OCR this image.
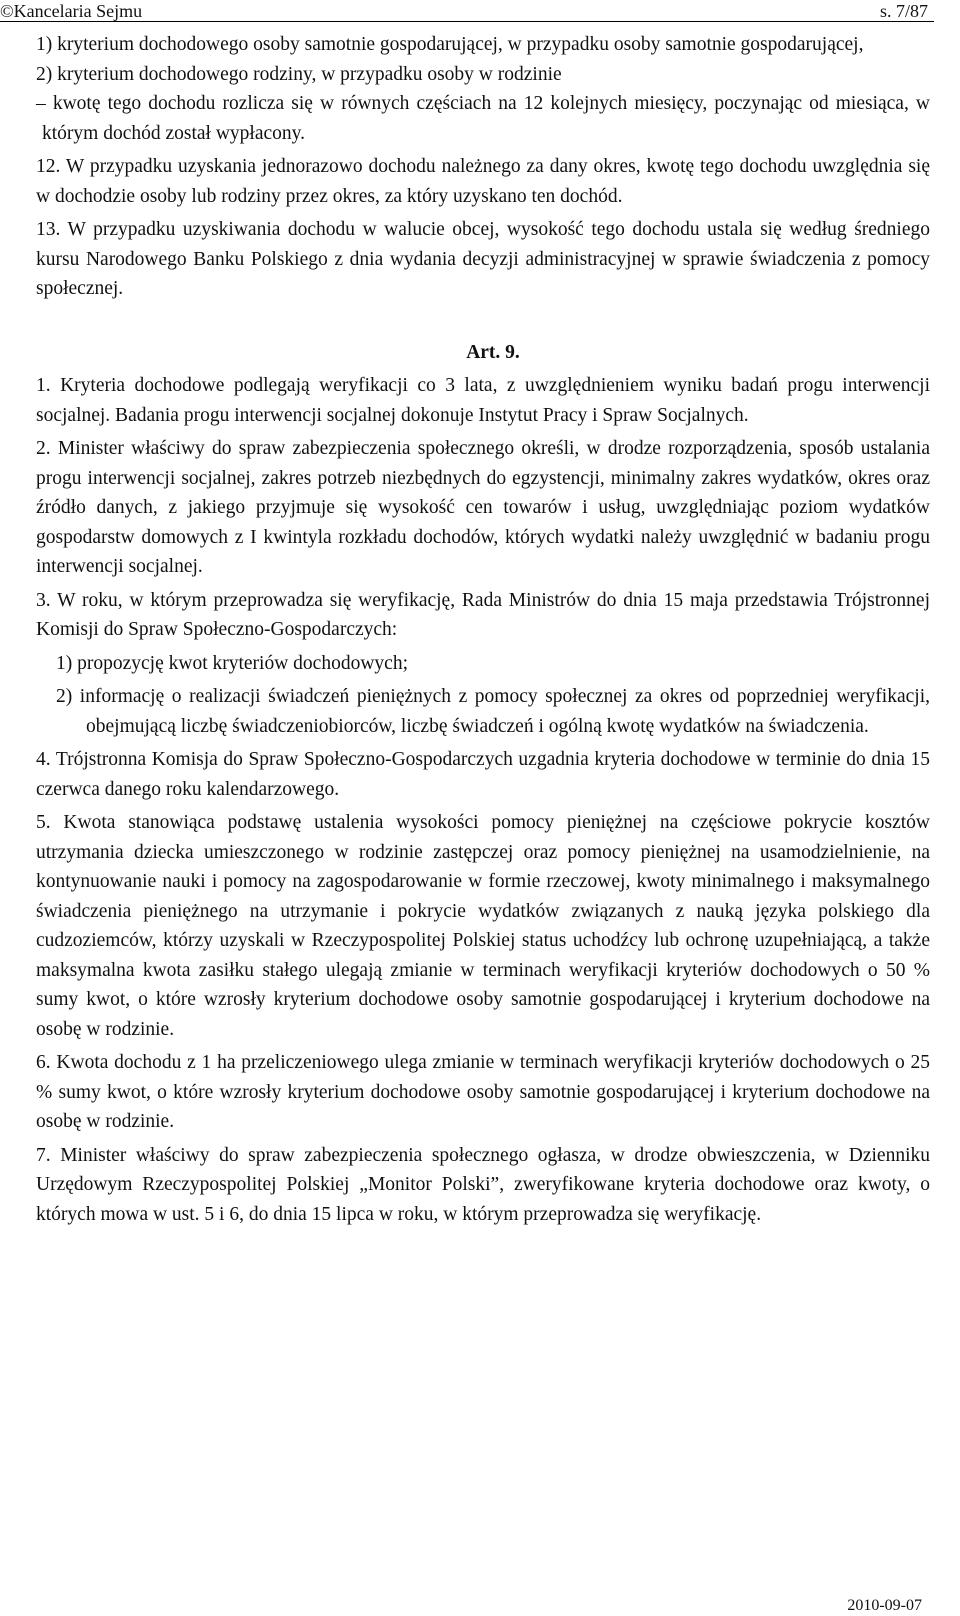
©Kancelaria Sejmu	s. 7/87

1) kryterium dochodowego osoby samotnie gospodarującej, w przypadku osoby samotnie gospodarującej,

2) kryterium dochodowego rodziny, w przypadku osoby w rodzinie

– kwotę tego dochodu rozlicza się w równych częściach na 12 kolejnych miesięcy, poczynając od miesiąca, w którym dochód został wypłacony.

12. W przypadku uzyskania jednorazowo dochodu należnego za dany okres, kwotę tego dochodu uwzględnia się w dochodzie osoby lub rodziny przez okres, za który uzyskano ten dochód.

13. W przypadku uzyskiwania dochodu w walucie obcej, wysokość tego dochodu ustala się według średniego kursu Narodowego Banku Polskiego z dnia wydania decyzji administracyjnej w sprawie świadczenia z pomocy społecznej.

Art. 9.

1. Kryteria dochodowe podlegają weryfikacji co 3 lata, z uwzględnieniem wyniku badań progu interwencji socjalnej. Badania progu interwencji socjalnej dokonuje Instytut Pracy i Spraw Socjalnych.

2. Minister właściwy do spraw zabezpieczenia społecznego określi, w drodze rozporządzenia, sposób ustalania progu interwencji socjalnej, zakres potrzeb niezbędnych do egzystencji, minimalny zakres wydatków, okres oraz źródło danych, z jakiego przyjmuje się wysokość cen towarów i usług, uwzględniając poziom wydatków gospodarstw domowych z I kwintyla rozkładu dochodów, których wydatki należy uwzględnić w badaniu progu interwencji socjalnej.

3. W roku, w którym przeprowadza się weryfikację, Rada Ministrów do dnia 15 maja przedstawia Trójstronnej Komisji do Spraw Społeczno-Gospodarczych:

1) propozycję kwot kryteriów dochodowych;

2) informację o realizacji świadczeń pieniężnych z pomocy społecznej za okres od poprzedniej weryfikacji, obejmującą liczbę świadczeniobiorców, liczbę świadczeń i ogólną kwotę wydatków na świadczenia.

4. Trójstronna Komisja do Spraw Społeczno-Gospodarczych uzgadnia kryteria dochodowe w terminie do dnia 15 czerwca danego roku kalendarzowego.

5. Kwota stanowiąca podstawę ustalenia wysokości pomocy pieniężnej na częściowe pokrycie kosztów utrzymania dziecka umieszczonego w rodzinie zastępczej oraz pomocy pieniężnej na usamodzielnienie, na kontynuowanie nauki i pomocy na zagospodarowanie w formie rzeczowej, kwoty minimalnego i maksymalnego świadczenia pieniężnego na utrzymanie i pokrycie wydatków związanych z nauką języka polskiego dla cudzoziemców, którzy uzyskali w Rzeczypospolitej Polskiej status uchodźcy lub ochronę uzupełniającą, a także maksymalna kwota zasiłku stałego ulegają zmianie w terminach weryfikacji kryteriów dochodowych o 50 % sumy kwot, o które wzrosły kryterium dochodowe osoby samotnie gospodarującej i kryterium dochodowe na osobę w rodzinie.

6. Kwota dochodu z 1 ha przeliczeniowego ulega zmianie w terminach weryfikacji kryteriów dochodowych o 25 % sumy kwot, o które wzrosły kryterium dochodowe osoby samotnie gospodarującej i kryterium dochodowe na osobę w rodzinie.

7. Minister właściwy do spraw zabezpieczenia społecznego ogłasza, w drodze obwieszczenia, w Dzienniku Urzędowym Rzeczypospolitej Polskiej „Monitor Polski”, zweryfikowane kryteria dochodowe oraz kwoty, o których mowa w ust. 5 i 6, do dnia 15 lipca w roku, w którym przeprowadza się weryfikację.

2010-09-07
